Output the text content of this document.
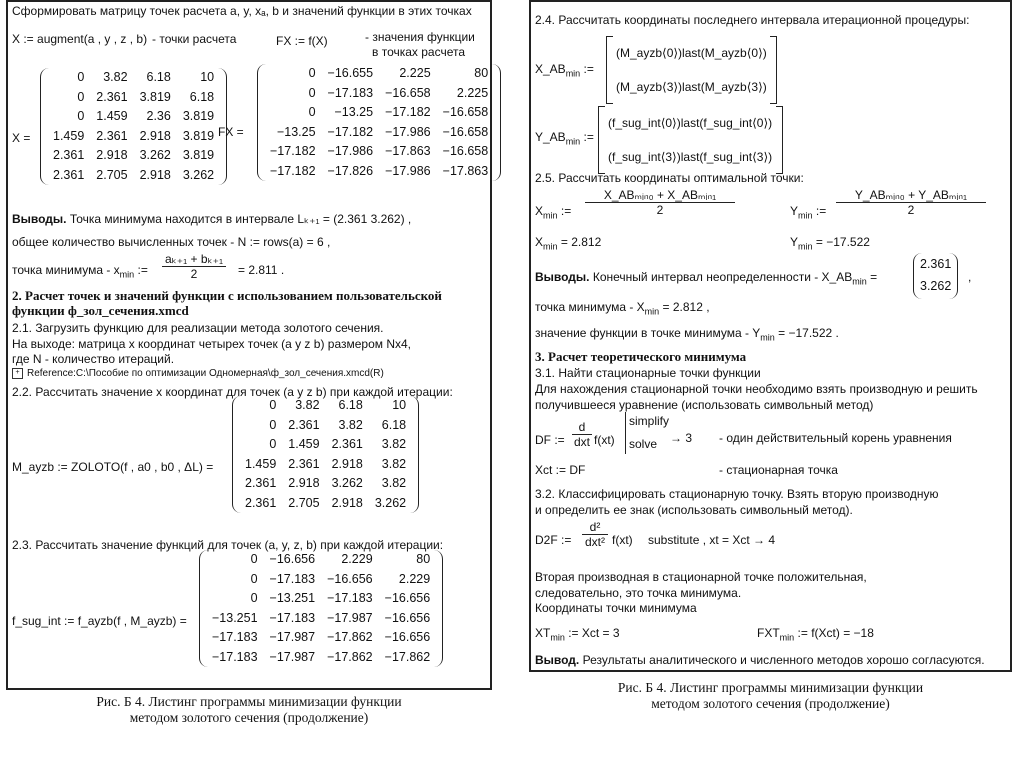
Сформировать матрицу точек расчета a, y, xₐ, b и значений функции в этих точках
X := augment(a , y , z , b) - точки расчета	FX := f(X)	- значения функции
в точках расчета
X =
0	3.82	6.18	10
0	2.361	3.819	6.18
0	1.459	2.36	3.819
1.459	2.361	2.918	3.819
2.361	2.918	3.262	3.819
2.361	2.705	2.918	3.262
FX =
0	−16.655	2.225	80
0	−17.183	−16.658	2.225
0	−13.25	−17.182	−16.658
−13.25	−17.182	−17.986	−16.658
−17.182	−17.986	−17.863	−16.658
−17.182	−17.826	−17.986	−17.863
Выводы. Точка минимума находится в интервале Lₖ₊₁ = (2.361 3.262) ,
общее количество вычисленных точек - N := rows(a) = 6 ,
точка минимума - $x_{min}$ := $\frac{\text{aₖ₊₁ + bₖ₊₁}}{2} = 2.811$ .
2. Расчет точек и значений функции с использованием пользовательской
функции ф_зол_сечения.xmcd
2.1. Загрузить функцию для реализации метода золотого сечения.
На выходе: матрица x координат четырех точек (a y z b) размером Nx4,
где N - количество итераций.
+ Reference:C:\Пособие по оптимизации Одномерная\ф_зол_сечения.xmcd(R)
2.2. Рассчитать значение x координат для точек (a y z b) при каждой итерации:
M_ayzb := ZOLOTO(f , a0 , b0 , ΔL) =
0	3.82	6.18	10
0	2.361	3.82	6.18
0	1.459	2.361	3.82
1.459	2.361	2.918	3.82
2.361	2.918	3.262	3.82
2.361	2.705	2.918	3.262
2.3. Рассчитать значение функций для точек (a, y, z, b) при каждой итерации:
f_sug_int := f_ayzb(f , M_ayzb) =
0	−16.656	2.229	80
0	−17.183	−16.656	2.229
0	−13.251	−17.183	−16.656
−13.251	−17.183	−17.987	−16.656
−17.183	−17.987	−17.862	−16.656
−17.183	−17.987	−17.862	−17.862
Рис. Б 4. Листинг программы минимизации функции
методом золотого сечения (продолжение)
2.4. Рассчитать координаты последнего интервала итерационной процедуры:
$X\_AB_{min}$ :=
(M_ayzb⟨0⟩)last(M_ayzb⟨0⟩)
(M_ayzb⟨3⟩)last(M_ayzb⟨3⟩)
$Y\_AB_{min}$ :=
(f_sug_int⟨0⟩)last(f_sug_int⟨0⟩)
(f_sug_int⟨3⟩)last(f_sug_int⟨3⟩)
2.5. Рассчитать координаты оптимальной точки:
$X_{min}$ :=
X_ABₘᵢₙ₀ + X_ABₘᵢₙ₁
2
$X_{min} = 2.812$
$Y_{min}$ :=
Y_ABₘᵢₙ₀ + Y_ABₘᵢₙ₁
2
$Y_{min} = -17.522$
Выводы. Конечный интервал неопределенности - $X\_AB_{min}$ =
2.361
3.262
,
точка минимума - $X_{min} = 2.812$ ,
значение функции в точке минимума - $Y_{min} = -17.522$ .
3. Расчет теоретического минимума
3.1. Найти стационарные точки функции
Для нахождения стационарной точки необходимо взять производную и решить
получившееся уравнение (использовать символьный метод)
DF :=
d
dxt f(xt)
simplify
solve → 3 - один действительный корень уравнения
Xct := DF	- стационарная точка
3.2. Классифицировать стационарную точку. Взять вторую производную
и определить ее знак (использовать символьный метод).
D2F :=
d²
dxt² f(xt) substitute , xt = Xct → 4
Вторая производная в стационарной точке положительная,
следовательно, это точка минимума.
Координаты точки минимума
$XT_{min}$ := Xct = 3	$FXT_{min}$ := f(Xct) = −18
Вывод. Результаты аналитического и численного методов хорошо согласуются.
Рис. Б 4. Листинг программы минимизации функции
методом золотого сечения (продолжение)
